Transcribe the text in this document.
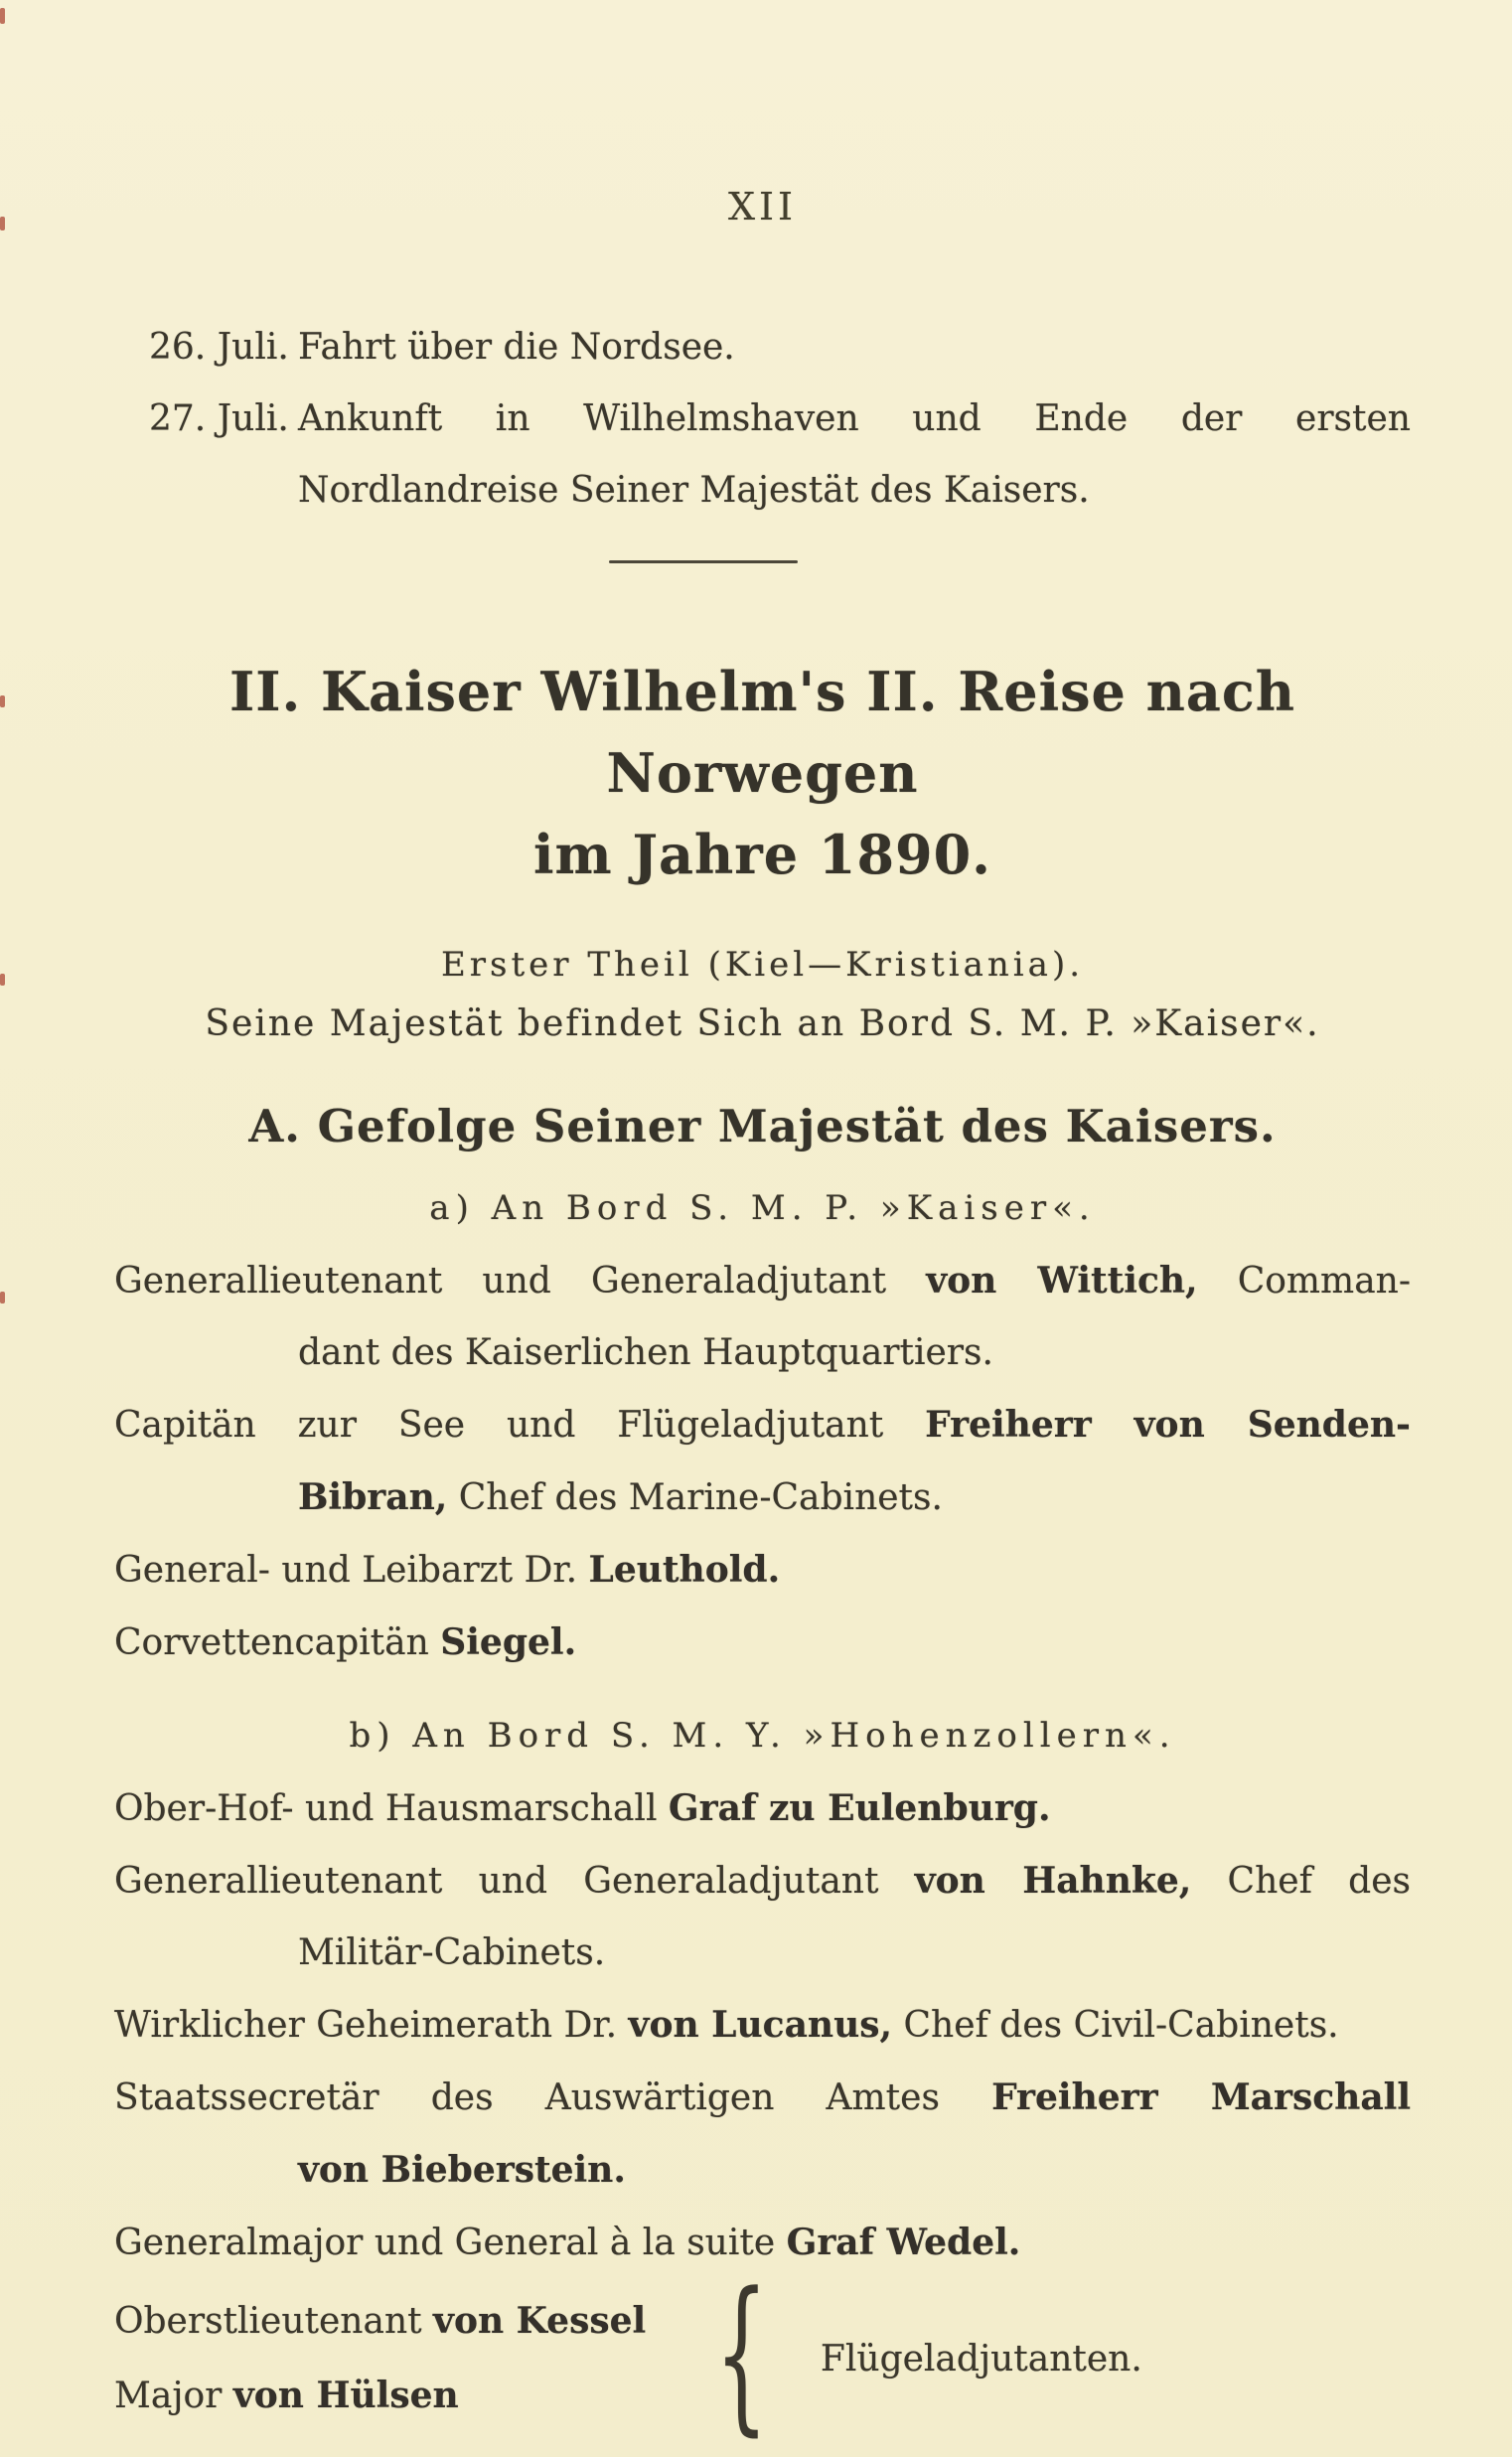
XII
26. Juli. Fahrt über die Nordsee.
27. Juli. Ankunft in Wilhelmshaven und Ende der ersten
Nordlandreise Seiner Majestät des Kaisers.
II. Kaiser Wilhelm's II. Reise nach Norwegen
im Jahre 1890.
Erster Theil (Kiel—Kristiania).
Seine Majestät befindet Sich an Bord S. M. P. »Kaiser«.
A. Gefolge Seiner Majestät des Kaisers.
a) An Bord S. M. P. »Kaiser«.
Generallieutenant und Generaladjutant von Wittich, Comman-
dant des Kaiserlichen Hauptquartiers.
Capitän zur See und Flügeladjutant Freiherr von Senden-
Bibran, Chef des Marine-Cabinets.
General- und Leibarzt Dr. Leuthold.
Corvettencapitän Siegel.
b) An Bord S. M. Y. »Hohenzollern«.
Ober-Hof- und Hausmarschall Graf zu Eulenburg.
Generallieutenant und Generaladjutant von Hahnke, Chef des
Militär-Cabinets.
Wirklicher Geheimerath Dr. von Lucanus, Chef des Civil-Cabinets.
Staatssecretär des Auswärtigen Amtes Freiherr Marschall
von Bieberstein.
Generalmajor und General à la suite Graf Wedel.
Oberstlieutenant von Kessel
Major von Hülsen	{ Flügeladjutanten.
